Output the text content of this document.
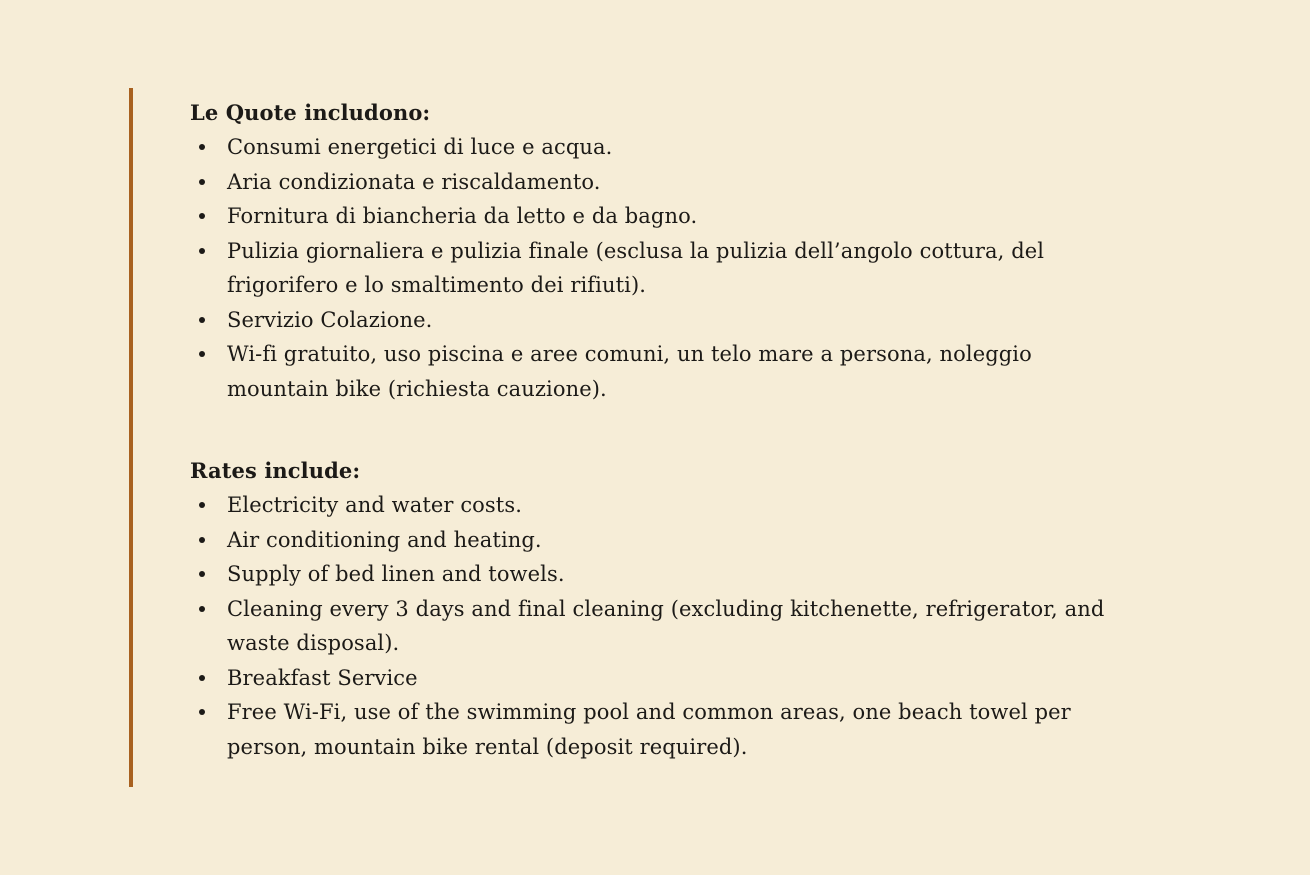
Le Quote includono:

Consumi energetici di luce e acqua.
Aria condizionata e riscaldamento.
Fornitura di biancheria da letto e da bagno.
Pulizia giornaliera e pulizia finale (esclusa la pulizia dell’angolo cottura, del frigorifero e lo smaltimento dei rifiuti).
Servizio Colazione.
Wi-fi gratuito, uso piscina e aree comuni, un telo mare a persona, noleggio mountain bike (richiesta cauzione).

Rates include:

Electricity and water costs.
Air conditioning and heating.
Supply of bed linen and towels.
Cleaning every 3 days and final cleaning (excluding kitchenette, refrigerator, and waste disposal).
Breakfast Service
Free Wi-Fi, use of the swimming pool and common areas, one beach towel per person, mountain bike rental (deposit required).
